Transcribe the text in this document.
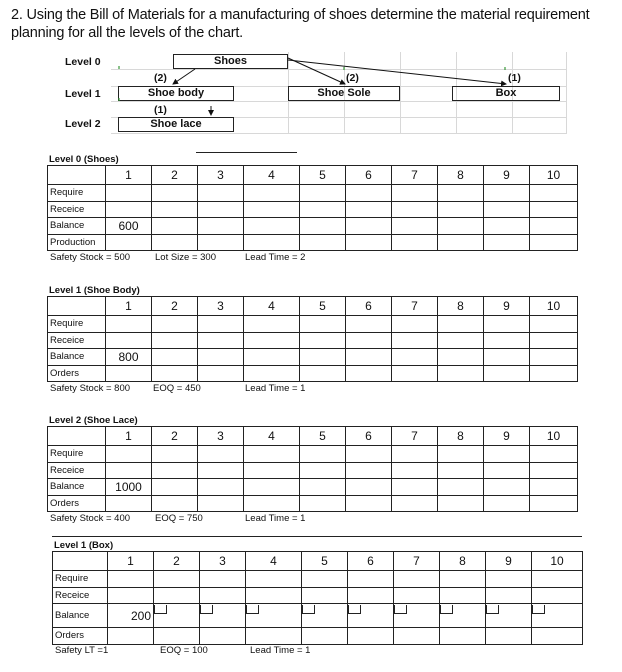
2. Using the Bill of Materials for a manufacturing of shoes determine the material requirement planning for all the levels of the chart.
Level 0
Level 1
Level 2
Shoes
Shoe body	Shoe Sole	Box
Shoe lace
(2)	(2)	(1)
(1)
Level 0 (Shoes)
	1	2	3	4	5	6	7	8	9	10
Require										
Receice										
Balance	600									
Production										
Safety Stock = 500	Lot Size = 300	Lead Time = 2
Level 1 (Shoe Body)
	1	2	3	4	5	6	7	8	9	10
Require										
Receice										
Balance	800									
Orders										
Safety Stock = 800 EOQ = 450	Lead Time = 1
Level 2 (Shoe Lace)
	1	2	3	4	5	6	7	8	9	10
Require										
Receice										
Balance	1000									
Orders										
Safety Stock = 400	EOQ = 750	Lead Time = 1
Level 1 (Box)
	1	2	3	4	5	6	7	8	9	10
Require										
Receice										
Balance	200									
Orders										
Safety LT =1	EOQ = 100	Lead Time = 1
